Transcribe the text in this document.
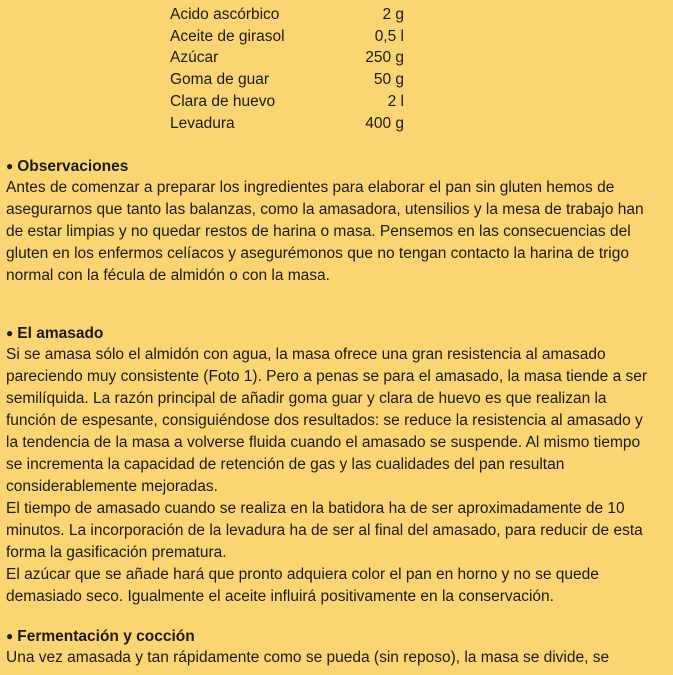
Acido ascórbico	2 g
Aceite de girasol	0,5 l
Azúcar	250 g
Goma de guar	50 g
Clara de huevo	2 l
Levadura	400 g
● Observaciones

Antes de comenzar a preparar los ingredientes para elaborar el pan sin gluten hemos de

asegurarnos que tanto las balanzas, como la amasadora, utensilios y la mesa de trabajo han

de estar limpias y no quedar restos de harina o masa. Pensemos en las consecuencias del

gluten en los enfermos celíacos y asegurémonos que no tengan contacto la harina de trigo

normal con la fécula de almidón o con la masa.

● El amasado

Si se amasa sólo el almidón con agua, la masa ofrece una gran resistencia al amasado

pareciendo muy consistente (Foto 1). Pero a penas se para el amasado, la masa tiende a ser

semilíquida. La razón principal de añadir goma guar y clara de huevo es que realizan la

función de espesante, consiguiéndose dos resultados: se reduce la resistencia al amasado y

la tendencia de la masa a volverse fluida cuando el amasado se suspende. Al mismo tiempo

se incrementa la capacidad de retención de gas y las cualidades del pan resultan

considerablemente mejoradas.

El tiempo de amasado cuando se realiza en la batidora ha de ser aproximadamente de 10

minutos. La incorporación de la levadura ha de ser al final del amasado, para reducir de esta

forma la gasificación prematura.

El azúcar que se añade hará que pronto adquiera color el pan en horno y no se quede

demasiado seco. Igualmente el aceite influirá positivamente en la conservación.

● Fermentación y cocción

Una vez amasada y tan rápidamente como se pueda (sin reposo), la masa se divide, se
